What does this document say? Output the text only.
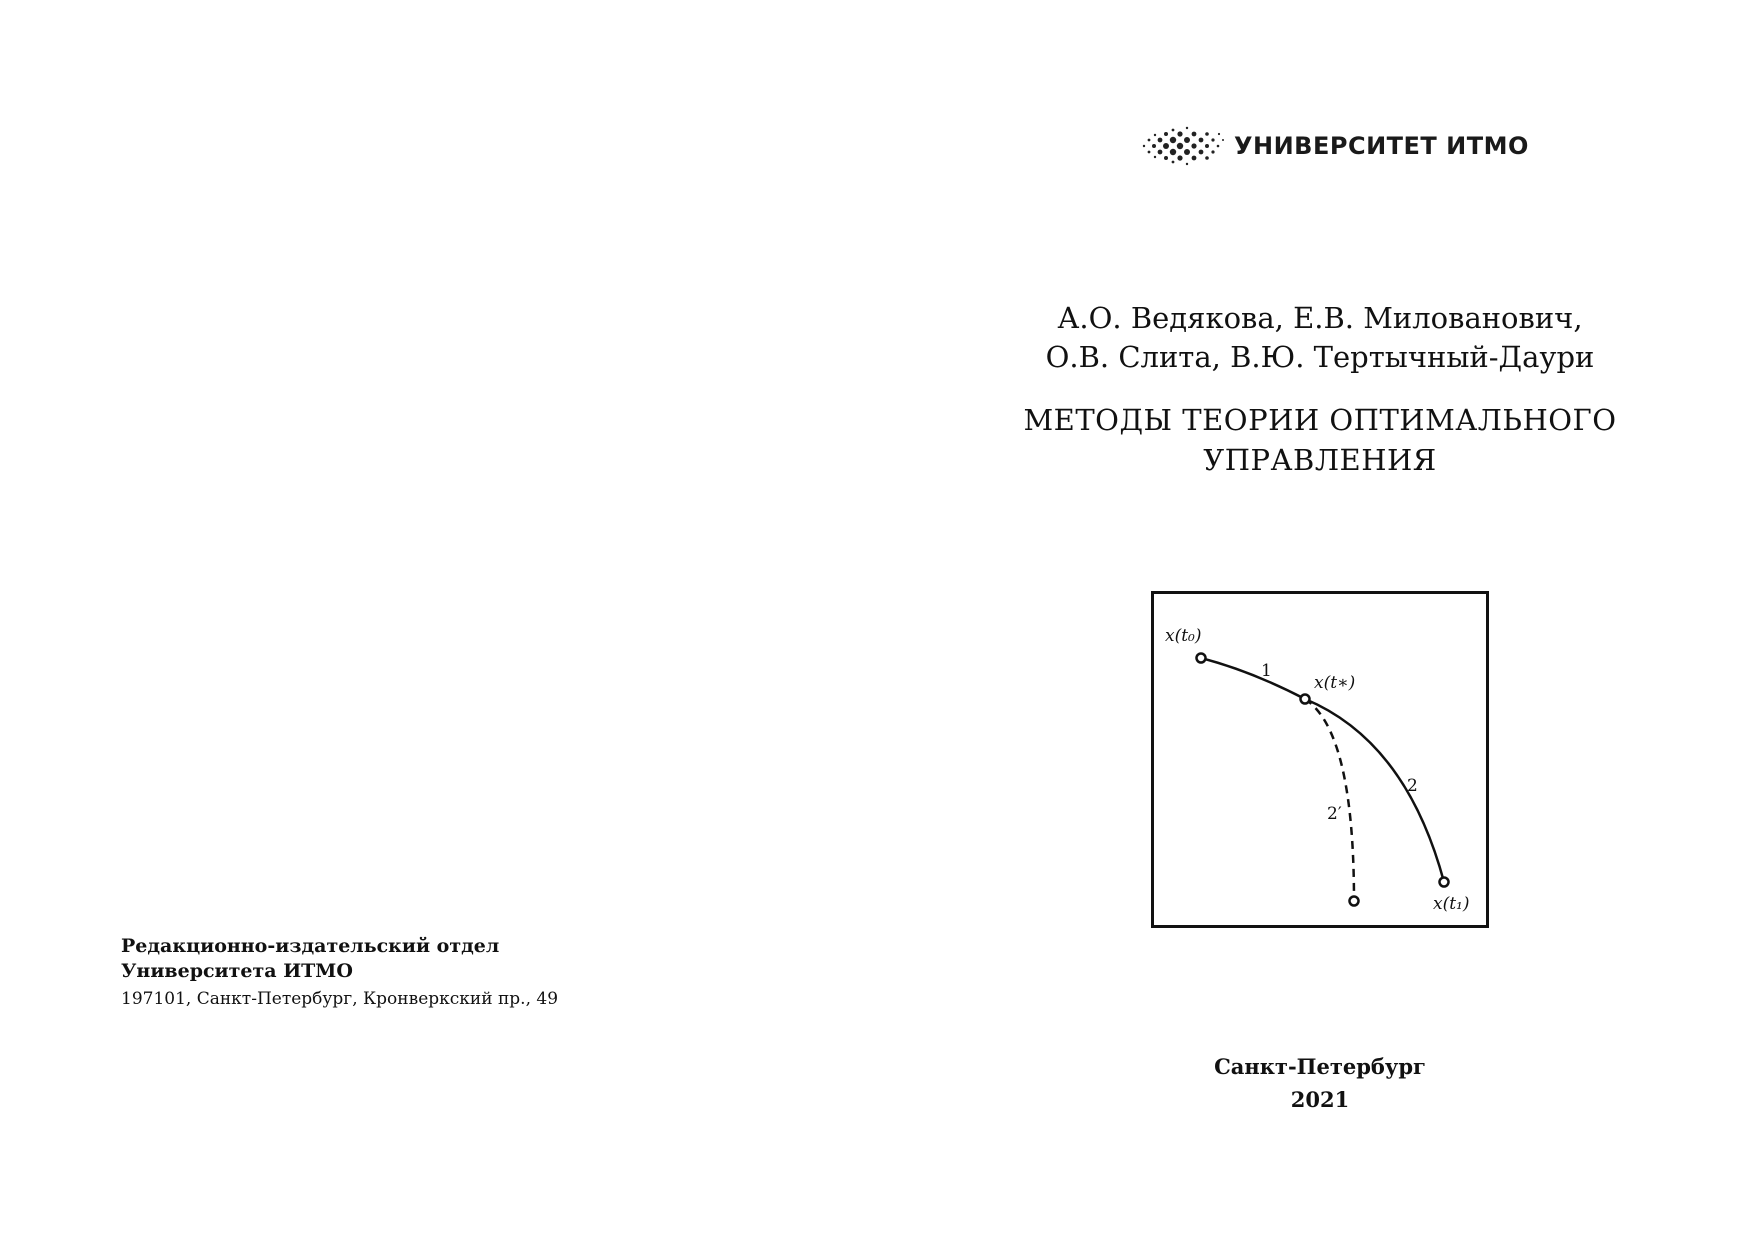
УНИВЕРСИТЕТ ИТМО
А.О. Ведякова, Е.В. Милованович,
О.В. Слита, В.Ю. Тертычный-Даури
МЕТОДЫ ТЕОРИИ ОПТИМАЛЬНОГО
УПРАВЛЕНИЯ
x(t₀)
1
x(t∗)
2
2′
x(t₁)
Редакционно-издательский отдел
Университета ИТМО
197101, Санкт-Петербург, Кронверкский пр., 49
Санкт-Петербург
2021
